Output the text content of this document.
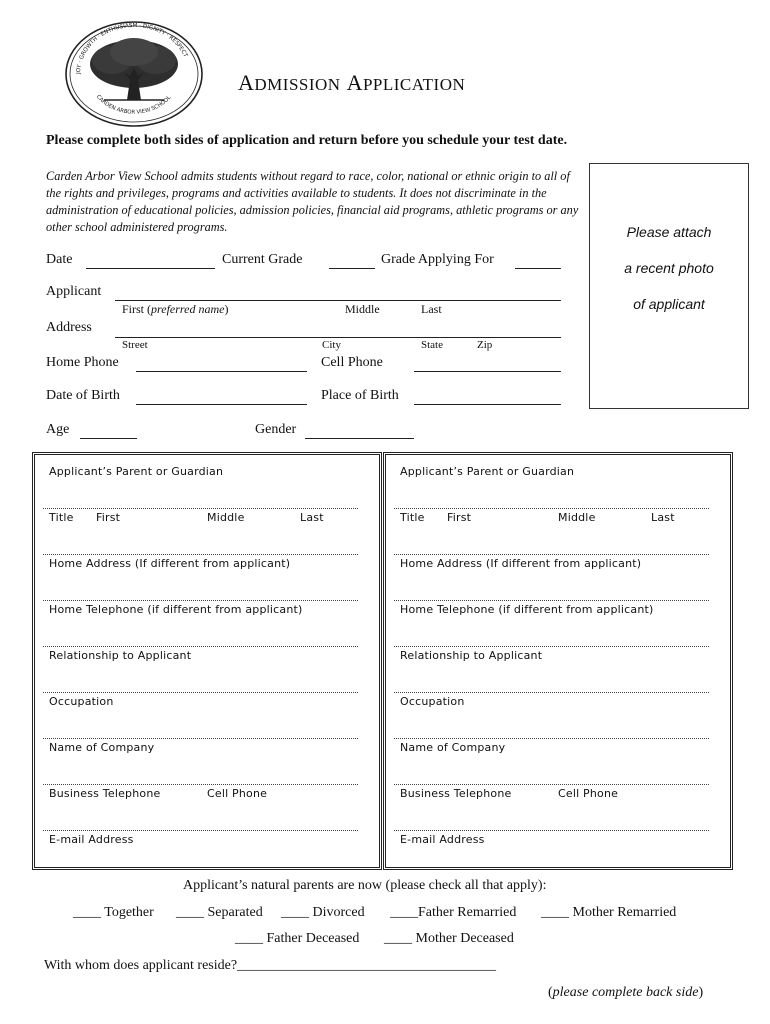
JOY · GROWTH · ENTHUSIASM · DIGNITY · RESPECT
CARDEN ARBOR VIEW SCHOOL
ADMISSION APPLICATION
Please complete both sides of application and return before you schedule your test date.
Carden Arbor View School admits students without regard to race, color, national or ethnic origin to all of the rights and privileges, programs and activities available to students. It does not discriminate in the administration of educational policies, admission policies, financial aid programs, athletic programs or any other school administered programs.	Please attach
a recent photo
of applicant
Date	Current Grade	Grade Applying For
Applicant
First (preferred name)	Middle	Last
Address
Street	City	State	Zip
Home Phone	Cell Phone
Date of Birth	Place of Birth
Age	Gender
Applicant’s Parent or Guardian
Title First	Middle	Last
Home Address (If different from applicant)
Home Telephone (if different from applicant)
Relationship to Applicant
Occupation
Name of Company
Business Telephone	Cell Phone
E-mail Address
Applicant’s Parent or Guardian
Title First	Middle	Last
Home Address (If different from applicant)
Home Telephone (if different from applicant)
Relationship to Applicant
Occupation
Name of Company
Business Telephone	Cell Phone
E-mail Address
Applicant’s natural parents are now (please check all that apply):
____ Together ____ Separated ____ Divorced ____Father Remarried ____ Mother Remarried
____ Father Deceased ____ Mother Deceased
With whom does applicant reside?_____________________________________
(please complete back side)
